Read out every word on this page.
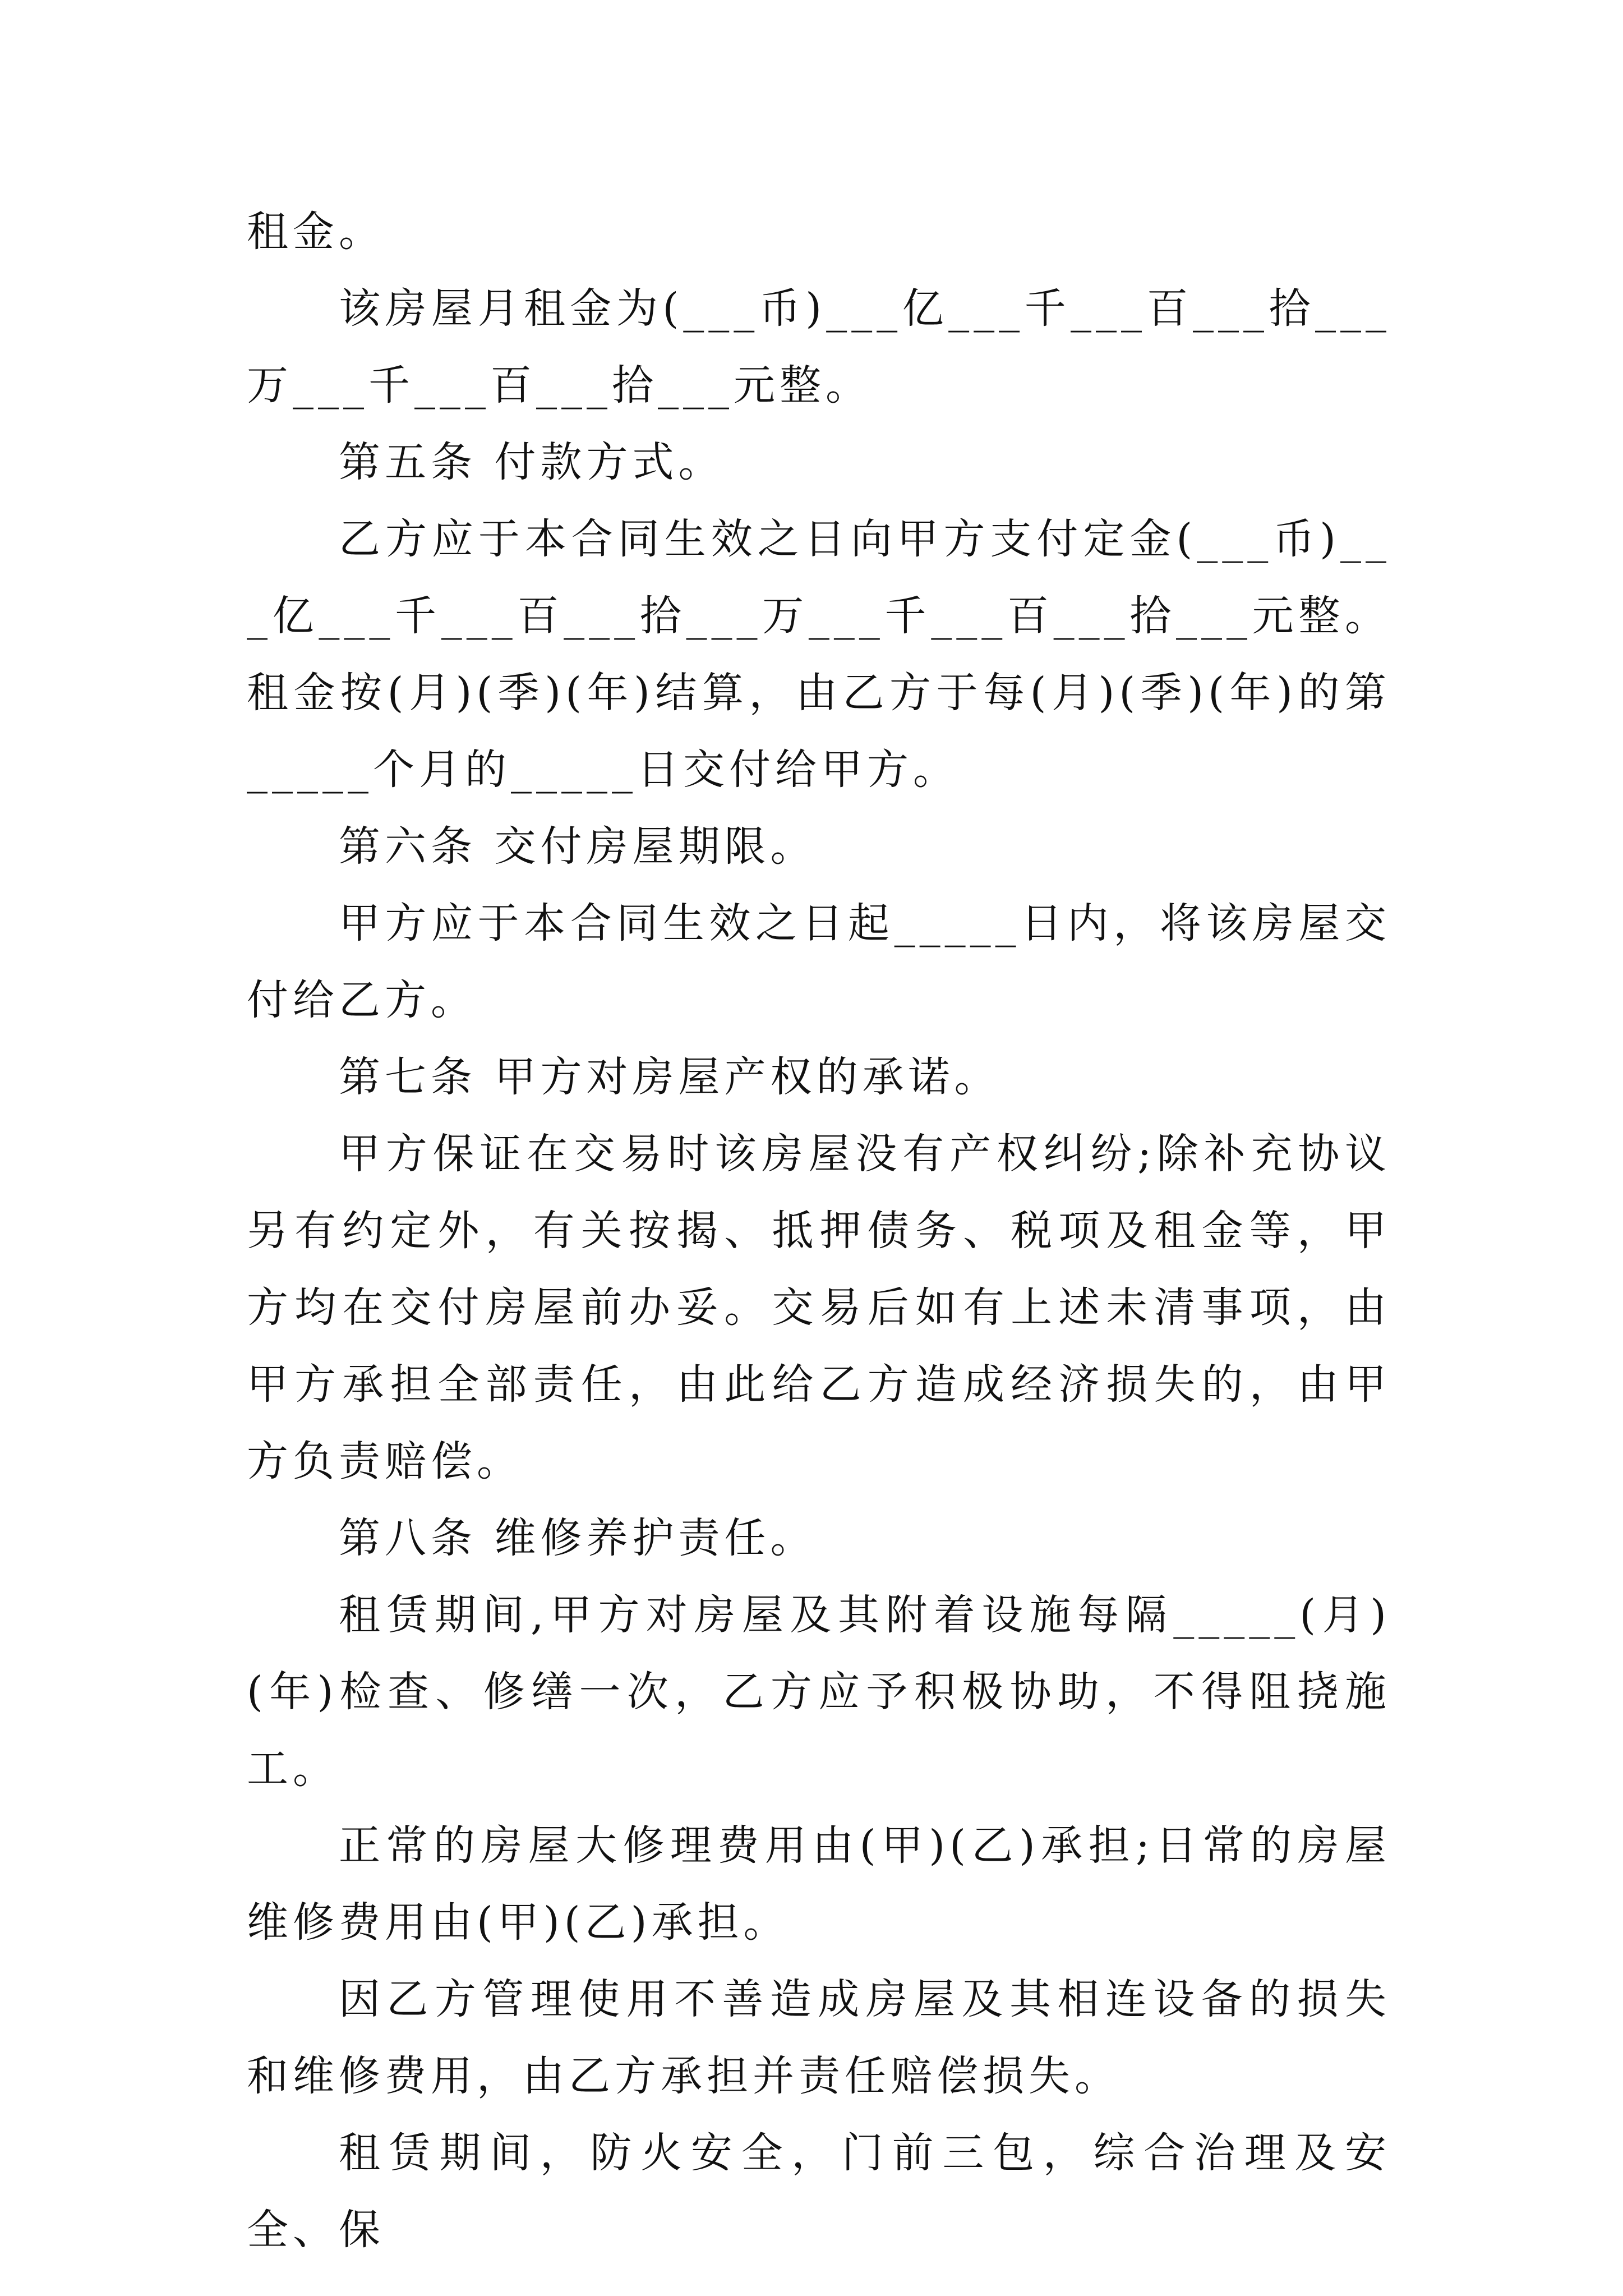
租金。

该房屋月租金为(___币)___亿___千___百___拾___万___千___百___拾___元整。

第五条 付款方式。

乙方应于本合同生效之日向甲方支付定金(___币)___亿___千___百___拾___万___千___百___拾___元整。租金按(月)(季)(年)结算，由乙方于每(月)(季)(年)的第_____个月的_____日交付给甲方。

第六条 交付房屋期限。

甲方应于本合同生效之日起_____日内，将该房屋交付给乙方。

第七条 甲方对房屋产权的承诺。

甲方保证在交易时该房屋没有产权纠纷;除补充协议另有约定外，有关按揭、抵押债务、税项及租金等，甲方均在交付房屋前办妥。交易后如有上述未清事项，由甲方承担全部责任，由此给乙方造成经济损失的，由甲方负责赔偿。

第八条 维修养护责任。

租赁期间,甲方对房屋及其附着设施每隔_____(月)(年)检查、修缮一次，乙方应予积极协助，不得阻挠施工。

正常的房屋大修理费用由(甲)(乙)承担;日常的房屋维修费用由(甲)(乙)承担。

因乙方管理使用不善造成房屋及其相连设备的损失和维修费用，由乙方承担并责任赔偿损失。

租赁期间，防火安全，门前三包，综合治理及安全、保
